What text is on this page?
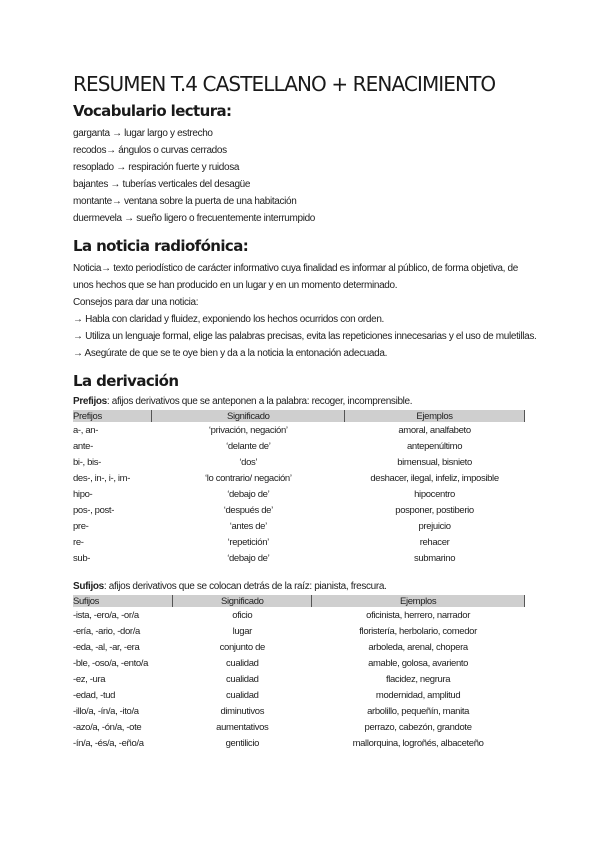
RESUMEN T.4 CASTELLANO + RENACIMIENTO
Vocabulario lectura:
garganta → lugar largo y estrecho
recodos→ ángulos o curvas cerrados
resoplado → respiración fuerte y ruidosa
bajantes → tuberías verticales del desagüe
montante→ ventana sobre la puerta de una habitación
duermevela → sueño ligero o frecuentemente interrumpido
La noticia radiofónica:
Noticia→ texto periodístico de carácter informativo cuya finalidad es informar al público, de forma objetiva, de unos hechos que se han producido en un lugar y en un momento determinado.
Consejos para dar una noticia:
→ Habla con claridad y fluidez, exponiendo los hechos ocurridos con orden.
→ Utiliza un lenguaje formal, elige las palabras precisas, evita las repeticiones innecesarias y el uso de muletillas.
→ Asegúrate de que se te oye bien y da a la noticia la entonación adecuada.
La derivación
Prefijos: afijos derivativos que se anteponen a la palabra: recoger, incomprensible.
Prefijos	Significado	Ejemplos
a-, an-	‘privación, negación’	amoral, analfabeto
ante-	‘delante de’	antepenúltimo
bi-, bis-	‘dos’	bimensual, bisnieto
des-, in-, i-, im-	‘lo contrario/ negación’	deshacer, ilegal, infeliz, imposible
hipo-	‘debajo de’	hipocentro
pos-, post-	‘después de’	posponer, postiberio
pre-	‘antes de’	prejuicio
re-	‘repetición’	rehacer
sub-	‘debajo de’	submarino
Sufijos: afijos derivativos que se colocan detrás de la raíz: pianista, frescura.
Sufijos	Significado	Ejemplos
-ista, -ero/a, -or/a	oficio	oficinista, herrero, narrador
-ería, -ario, -dor/a	lugar	floristería, herbolario, comedor
-eda, -al, -ar, -era	conjunto de	arboleda, arenal, chopera
-ble, -oso/a, -ento/a	cualidad	amable, golosa, avariento
-ez, -ura	cualidad	flacidez, negrura
-edad, -tud	cualidad	modernidad, amplitud
-illo/a, -ín/a, -ito/a	diminutivos	arbolillo, pequeñín, manita
-azo/a, -ón/a, -ote	aumentativos	perrazo, cabezón, grandote
-ín/a, -és/a, -eño/a	gentilicio	mallorquina, logroñés, albaceteño
